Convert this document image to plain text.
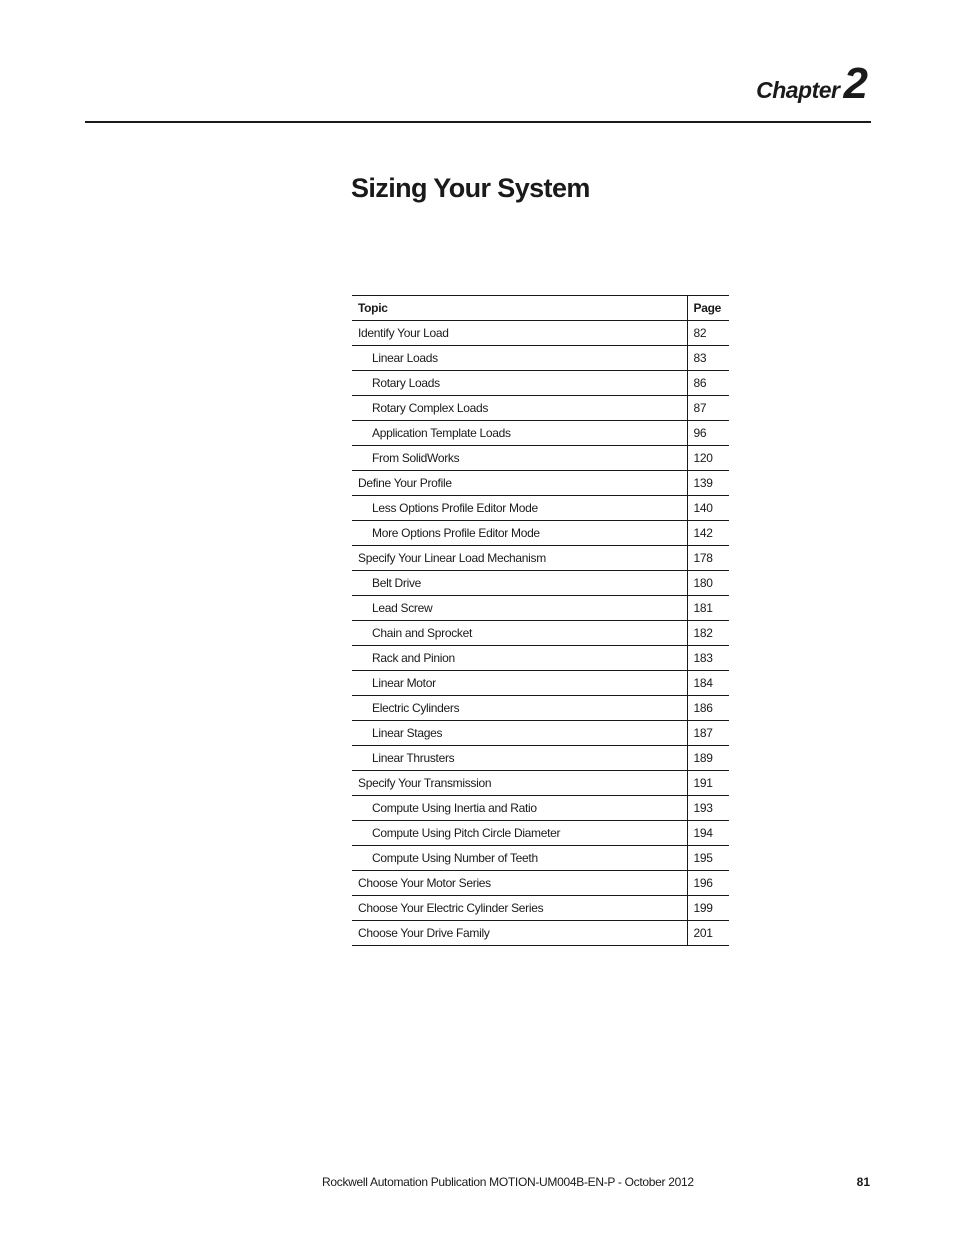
Chapter 2
Sizing Your System
Topic	Page
Identify Your Load	82
Linear Loads	83
Rotary Loads	86
Rotary Complex Loads	87
Application Template Loads	96
From SolidWorks	120
Define Your Profile	139
Less Options Profile Editor Mode	140
More Options Profile Editor Mode	142
Specify Your Linear Load Mechanism	178
Belt Drive	180
Lead Screw	181
Chain and Sprocket	182
Rack and Pinion	183
Linear Motor	184
Electric Cylinders	186
Linear Stages	187
Linear Thrusters	189
Specify Your Transmission	191
Compute Using Inertia and Ratio	193
Compute Using Pitch Circle Diameter	194
Compute Using Number of Teeth	195
Choose Your Motor Series	196
Choose Your Electric Cylinder Series	199
Choose Your Drive Family	201
Rockwell Automation Publication MOTION-UM004B-EN-P - October 2012	81
